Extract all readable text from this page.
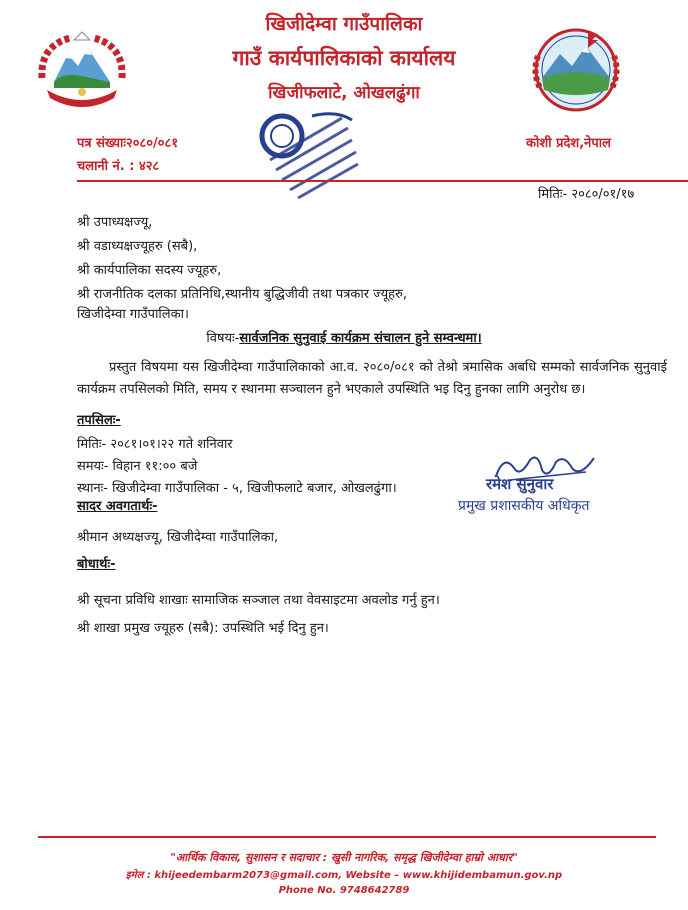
खिजीदेम्वा गाउँपालिका
गाउँ कार्यपालिकाको कार्यालय
खिजीफलाटे, ओखलढुंगा
पत्र संख्याः२०८०/०८१
चलानी नं. : ४२८
कोशी प्रदेश,नेपाल
मितिः- २०८०/०१/१७
श्री उपाध्यक्षज्यू,
श्री वडाध्यक्षज्यूहरु (सबै),
श्री कार्यपालिका सदस्य ज्यूहरु,
श्री राजनीतिक दलका प्रतिनिधि,स्थानीय बुद्धिजीवी तथा पत्रकार ज्यूहरु,
खिजीदेम्वा गाउँपालिका।
विषयः-सार्वजनिक सुनुवाई कार्यक्रम संचालन हुने सम्वन्धमा।
प्रस्तुत विषयमा यस खिजीदेम्वा गाउँपालिकाको आ.व. २०८०/०८१ को तेश्रो त्रमासिक अबधि सम्मको सार्वजनिक सुनुवाई कार्यक्रम तपसिलको मिति, समय र स्थानमा सञ्चालन हुने भएकाले उपस्थिति भइ दिनु हुनका लागि अनुरोध छ।
तपसिलः-
मितिः- २०८१।०१।२२ गते शनिवार
समयः- विहान ११:०० बजे
स्थानः- खिजीदेम्वा गाउँपालिका - ५, खिजीफलाटे बजार, ओखलढुंगा।	रमेश सुनुवार
प्रमुख प्रशासकीय अधिकृत
सादर अवगतार्थः-
श्रीमान अध्यक्षज्यू, खिजीदेम्वा गाउँपालिका,
बोधार्थः-
श्री सूचना प्रविधि शाखाः सामाजिक सञ्जाल तथा वेवसाइटमा अवलोड गर्नु हुन।
श्री शाखा प्रमुख ज्यूहरु (सबै): उपस्थिति भई दिनु हुन।
"आर्थिक विकास, सुशासन र सदाचार : खुसी नागरिक, समृद्ध खिजीदेम्वा हाम्रो आधार"
इमेल : khijeedembarm2073@gmail.com, Website – www.khijidembamun.gov.np
Phone No. 9748642789
